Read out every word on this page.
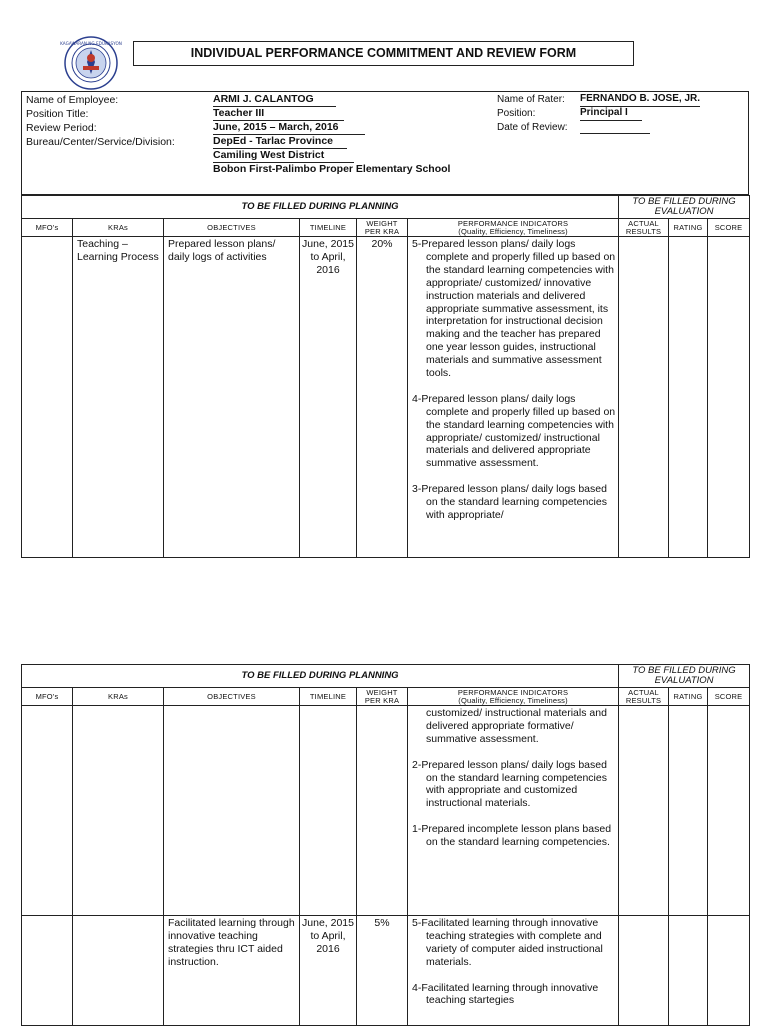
KAGAWARAN NG EDUKASYON
INDIVIDUAL PERFORMANCE COMMITMENT AND REVIEW FORM
Name of Employee:	ARMI J. CALANTOG
Position Title:	Teacher III
Review Period:	June, 2015 – March, 2016
Bureau/Center/Service/Division:	DepEd - Tarlac Province
Camiling West District
Bobon First-Palimbo Proper Elementary School
Name of Rater: FERNANDO B. JOSE, JR.
Position:	Principal I
Date of Review:
TO BE FILLED DURING PLANNING						TO BE FILLED DURING EVALUATION		
MFO's	KRAs	OBJECTIVES	TIMELINE	WEIGHT
PER KRA	PERFORMANCE INDICATORS
(Quality, Efficiency, Timeliness)	ACTUAL
RESULTS	RATING	SCORE
	Teaching – Learning Process	Prepared lesson plans/ daily logs of activities	June, 2015 to April, 2016	20%	5-Prepared lesson plans/ daily logs complete and properly filled up based on the standard learning competencies with appropriate/ customized/ innovative instruction materials and delivered appropriate summative assessment, its interpretation for instructional decision making and the teacher has prepared one year lesson guides, instructional materials and summative assessment tools.
4-Prepared lesson plans/ daily logs complete and properly filled up based on the standard learning competencies with appropriate/ customized/ instructional materials and delivered appropriate summative assessment.
3-Prepared lesson plans/ daily logs based on the standard learning competencies with appropriate/			

TO BE FILLED DURING PLANNING						TO BE FILLED DURING EVALUATION		
MFO's	KRAs	OBJECTIVES	TIMELINE	WEIGHT
PER KRA	PERFORMANCE INDICATORS
(Quality, Efficiency, Timeliness)	ACTUAL
RESULTS	RATING	SCORE

					customized/ instructional materials and delivered appropriate formative/ summative assessment.
2-Prepared lesson plans/ daily logs based on the standard learning competencies with appropriate and customized instructional materials.
1-Prepared incomplete lesson plans based on the standard learning competencies.			

		Facilitated learning through innovative teaching strategies thru ICT aided instruction.	June, 2015 to April, 2016	5%	5-Facilitated learning through innovative teaching strategies with complete and variety of computer aided instructional materials.
4-Facilitated learning through innovative teaching startegies			
